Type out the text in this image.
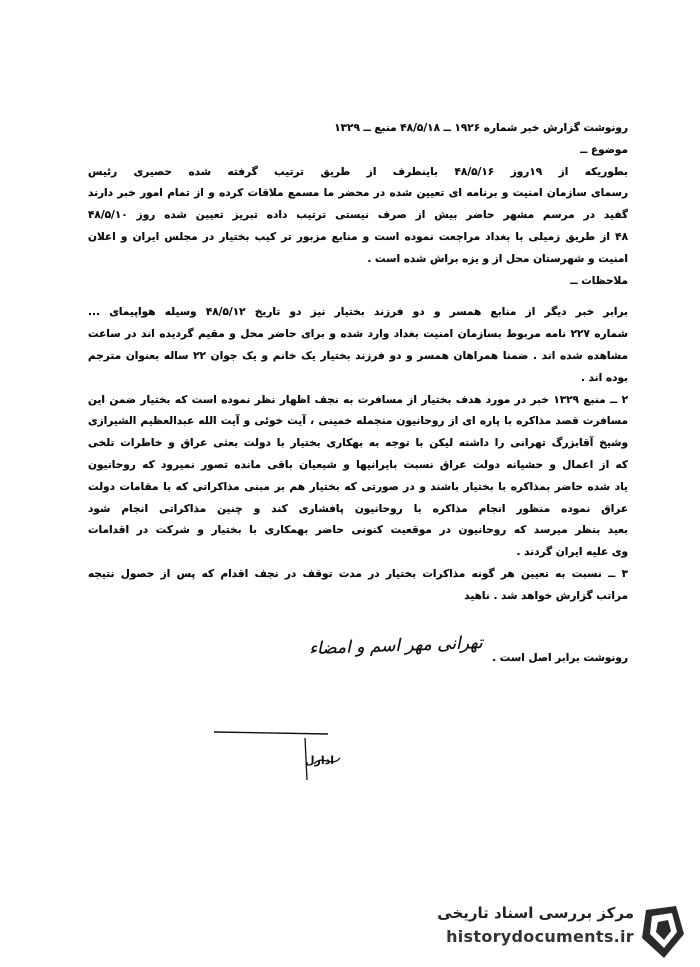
رونوشت گزارش خبر شماره ۱۹۲۶ ــ ۴۸/۵/۱۸ منبع ــ ۱۳۲۹
موضوع ــ
بطوریکه از ۱۹روز ۴۸/۵/۱۶ باینطرف از طریق ترتیب گرفته شده حصیری رئیس
رسمای سازمان امنیت و برنامه ای تعیین شده در محضر ما مسمع ملاقات کرده و از تمام امور خبر دارند
گفید در مرسم مشهر حاضر بیش از صرف نیستی ترتیب داده تبریز تعیین شده روز ۴۸/۵/۱۰
۴۸ از طریق زمیلی با بغداد مراجعت نموده است و منابع مزبور تر کیب بختیار در مجلس ایران و اعلان
امنیت و شهرستان محل از و یزه براش شده است .
ملاحظات ــ
برابر خبر دیگر از منابع همسر و دو فرزند بختیار نیز دو تاریخ ۴۸/۵/۱۲ وسیله هواپیمای ...
شماره ۲۲۷ نامه مربوط بسازمان امنیت بغداد وارد شده و برای حاضر محل و مقیم گردیده اند در ساعت
مشاهده شده اند . ضمنا همراهان همسر و دو فرزند بختیار یک خانم و یک جوان ۲۲ ساله بعنوان مترجم
بوده اند .
۲ ــ منبع ۱۳۲۹ خبر در مورد هدف بختیار از مسافرت به نجف اظهار نظر نموده است که بختیار ضمن این
مسافرت قصد مذاکره با پاره ای از روحانیون منجمله خمینی ، آیت خوئی و آیت الله عبدالعظیم الشیرازی
وشیخ آقابزرگ تهرانی را داشته لیکن با توجه به بهکاری بختیار با دولت بعثی عراق و خاطرات تلخی
که از اعمال و حشیانه دولت عراق نسبت بایرانیها و شیعیان باقی مانده تصور نمیرود که روحانیون
یاد شده حاضر بمذاکره با بختیار باشند و در صورتی که بختیار هم بر مبنی مذاکراتی که با مقامات دولت
عراق نموده منظور انجام مذاکره با روحانیون پافشاری کند و چنین مذاکراتی انجام شود
بعید بنظر میرسد که روحانیون در موقعیت کنونی حاضر بهمکاری با بختیار و شرکت در اقدامات
وی علیه ایران گردند .
۳ ــ نسبت به تعیین هر گونه مذاکرات بختیار در مدت توقف در نجف اقدام که پس از حصول نتیجه
مراتب گزارش خواهد شد . ناهید
رونوشت برابر اصل است .
تهرانی مهر اسم و امضاء
ادارل
مرکز بررسی اسناد تاریخی
historydocuments.ir
